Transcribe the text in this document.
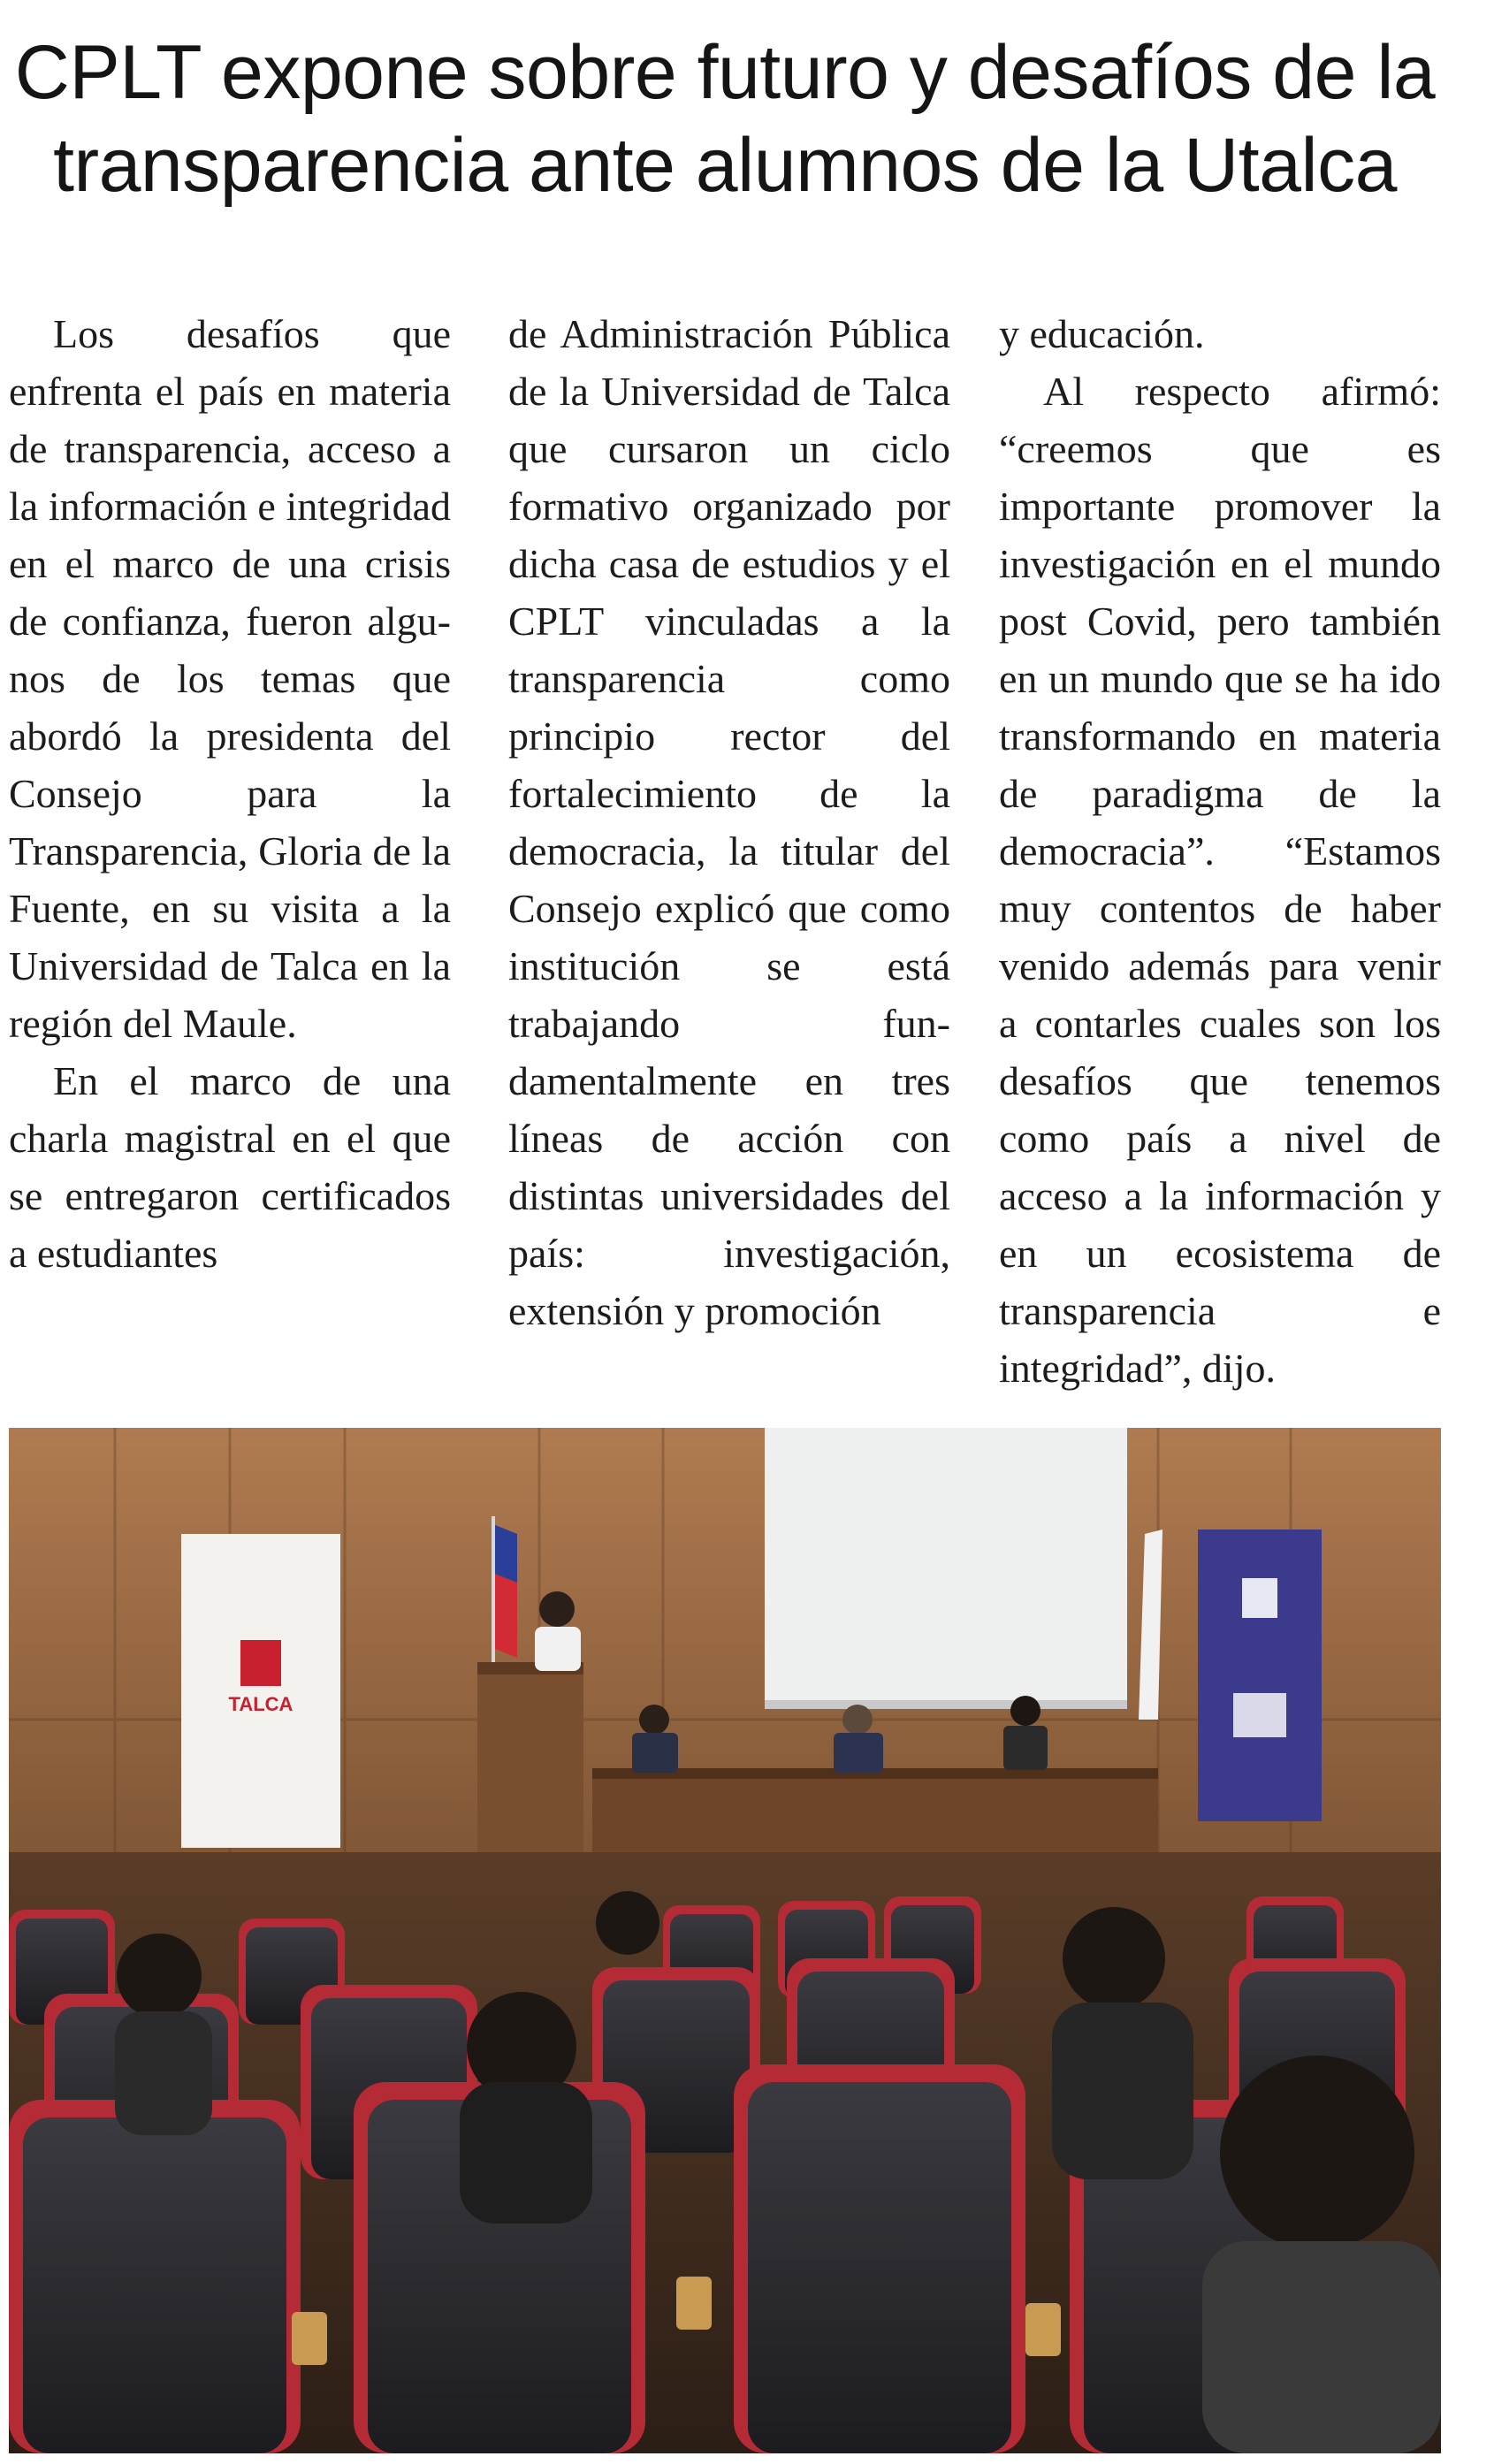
CPLT expone sobre futuro y desafíos de la transparencia ante alumnos de la Utalca

Los desafíos que enfrenta el país en materia de transparencia, acceso a la información e integridad en el marco de una crisis de confianza, fueron algunos de los temas que abordó la presidenta del Consejo para la Transparencia, Gloria de la Fuente, en su visita a la Universidad de Talca en la región del Maule.

En el marco de una charla magistral en el que se entregaron certificados a estudiantes

de Administración Pública de la Universidad de Talca que cursaron un ciclo formativo organizado por dicha casa de estudios y el CPLT vinculadas a la transparencia como principio rector del fortalecimiento de la democracia, la titular del Consejo explicó que como institución se está trabajando fundamentalmente en tres líneas de acción con distintas universidades del país: investigación, extensión y promoción

y educación.

Al respecto afirmó: “creemos que es importante promover la investigación en el mundo post Covid, pero también en un mundo que se ha ido transformando en materia de paradigma de la democracia”. “Estamos muy contentos de haber venido además para venir a contarles cuales son los desafíos que tenemos como país a nivel de acceso a la información y en un ecosistema de transparencia e integridad”, dijo.

TALCA
